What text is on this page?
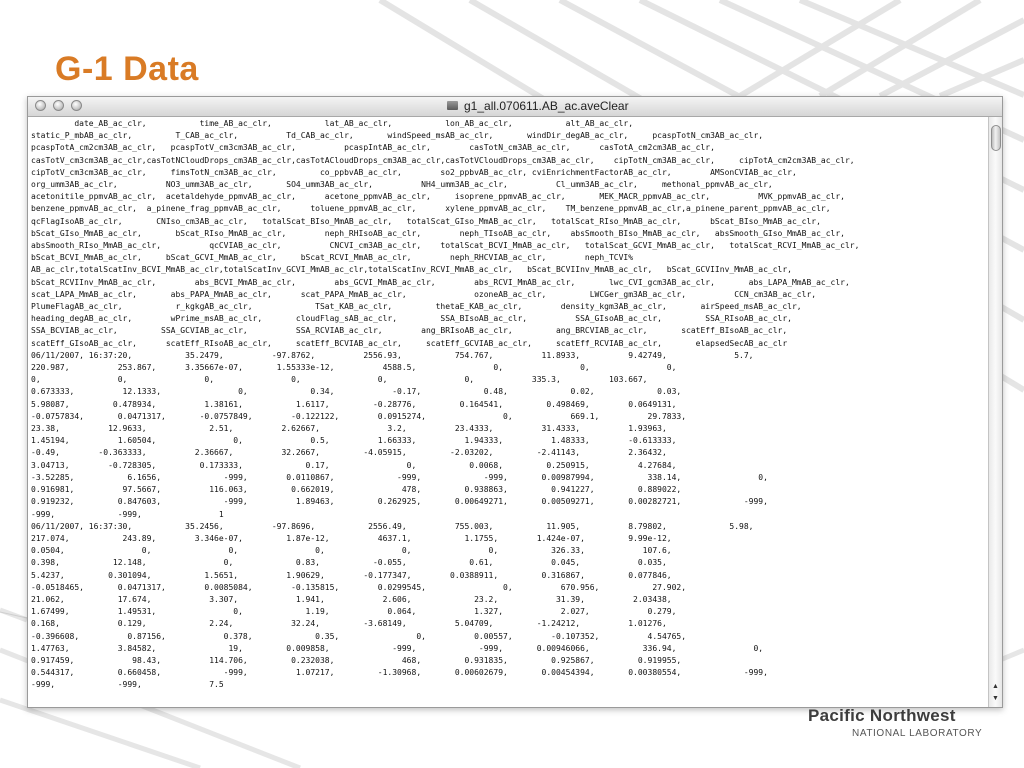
G-1 Data
g1_all.070611.AB_ac.aveClear
date_AB_ac_clr,           time_AB_ac_clr,           lat_AB_ac_clr,           lon_AB_ac_clr,           alt_AB_ac_clr,
static_P_mbAB_ac_clr,         T_CAB_ac_clr,          Td_CAB_ac_clr,       windSpeed_msAB_ac_clr,       windDir_degAB_ac_clr,     pcaspTotN_cm3AB_ac_clr,
pcaspTotA_cm2cm3AB_ac_clr,   pcaspTotV_cm3cm3AB_ac_clr,          pcaspIntAB_ac_clr,        casTotN_cm3AB_ac_clr,      casTotA_cm2cm3AB_ac_clr,
casTotV_cm3cm3AB_ac_clr,casTotNCloudDrops_cm3AB_ac_clr,casTotACloudDrops_cm3AB_ac_clr,casTotVCloudDrops_cm3AB_ac_clr,    cipTotN_cm3AB_ac_clr,     cipTotA_cm2cm3AB_ac_clr,
cipTotV_cm3cm3AB_ac_clr,     fimsTotN_cm3AB_ac_clr,         co_ppbvAB_ac_clr,        so2_ppbvAB_ac_clr, cviEnrichmentFactorAB_ac_clr,        AMSonCVIAB_ac_clr,
org_umm3AB_ac_clr,          NO3_umm3AB_ac_clr,       SO4_umm3AB_ac_clr,          NH4_umm3AB_ac_clr,          Cl_umm3AB_ac_clr,     methonal_ppmvAB_ac_clr,
acetonitile_ppmvAB_ac_clr,  acetaldehyde_ppmvAB_ac_clr,      acetone_ppmvAB_ac_clr,     isoprene_ppmvAB_ac_clr,       MEK_MACR_ppmvAB_ac_clr,          MVK_ppmvAB_ac_clr,
benzene_ppmvAB_ac_clr,  a_pinene_frag_ppmvAB_ac_clr,      toluene_ppmvAB_ac_clr,      xylene_ppmvAB_ac_clr,    TM_benzene_ppmvAB_ac_clr,a_pinene_parent_ppmvAB_ac_clr,
qcFlagIsoAB_ac_clr,       CNIso_cm3AB_ac_clr,   totalScat_BIso_MmAB_ac_clr,   totalScat_GIso_MmAB_ac_clr,   totalScat_RIso_MmAB_ac_clr,      bScat_BIso_MmAB_ac_clr,
bScat_GIso_MmAB_ac_clr,       bScat_RIso_MmAB_ac_clr,        neph_RHIsoAB_ac_clr,        neph_TIsoAB_ac_clr,    absSmooth_BIso_MmAB_ac_clr,   absSmooth_GIso_MmAB_ac_clr,
absSmooth_RIso_MmAB_ac_clr,          qcCVIAB_ac_clr,          CNCVI_cm3AB_ac_clr,    totalScat_BCVI_MmAB_ac_clr,   totalScat_GCVI_MmAB_ac_clr,   totalScat_RCVI_MmAB_ac_clr,
bScat_BCVI_MmAB_ac_clr,     bScat_GCVI_MmAB_ac_clr,     bScat_RCVI_MmAB_ac_clr,        neph_RHCVIAB_ac_clr,        neph_TCVI%
AB_ac_clr,totalScatInv_BCVI_MmAB_ac_clr,totalScatInv_GCVI_MmAB_ac_clr,totalScatInv_RCVI_MmAB_ac_clr,   bScat_BCVIInv_MmAB_ac_clr,   bScat_GCVIInv_MmAB_ac_clr,
bScat_RCVIInv_MmAB_ac_clr,        abs_BCVI_MmAB_ac_clr,        abs_GCVI_MmAB_ac_clr,        abs_RCVI_MmAB_ac_clr,       lwc_CVI_gcm3AB_ac_clr,       abs_LAPA_MmAB_ac_clr,
scat_LAPA_MmAB_ac_clr,       abs_PAPA_MmAB_ac_clr,      scat_PAPA_MmAB_ac_clr,              ozoneAB_ac_clr,         LWCGer_gm3AB_ac_clr,          CCN_cm3AB_ac_clr,
PlumeFlagAB_ac_clr,           r_kgkgAB_ac_clr,             TSat_KAB_ac_clr,         thetaE_KAB_ac_clr,        density_kgm3AB_ac_clr,       airSpeed_msAB_ac_clr,
heading_degAB_ac_clr,        wPrime_msAB_ac_clr,       cloudFlag_sAB_ac_clr,         SSA_BIsoAB_ac_clr,          SSA_GIsoAB_ac_clr,         SSA_RIsoAB_ac_clr,
SSA_BCVIAB_ac_clr,         SSA_GCVIAB_ac_clr,          SSA_RCVIAB_ac_clr,        ang_BRIsoAB_ac_clr,         ang_BRCVIAB_ac_clr,       scatEff_BIsoAB_ac_clr,
scatEff_GIsoAB_ac_clr,      scatEff_RIsoAB_ac_clr,     scatEff_BCVIAB_ac_clr,     scatEff_GCVIAB_ac_clr,     scatEff_RCVIAB_ac_clr,       elapsedSecAB_ac_clr
06/11/2007, 16:37:20,           35.2479,          -97.8762,          2556.93,           754.767,          11.8933,          9.42749,              5.7,
220.987,          253.867,      3.35667e-07,       1.55333e-12,          4588.5,                0,                0,                0,
0,                0,                0,                0,                0,                0,            335.3,          103.667,
0.673333,          12.1333,                0,             0.34,            -0.17,             0.48,             0.02,             0.03,
5.98087,         0.478934,          1.38161,           1.6117,         -0.28776,         0.164541,         0.498469,        0.0649131,
-0.0757834,       0.0471317,       -0.0757849,        -0.122122,        0.0915274,                0,            669.1,          29.7833,
23.38,          12.9633,             2.51,          2.62667,              3.2,          23.4333,          31.4333,          1.93963,
1.45194,          1.60504,                0,              0.5,          1.66333,          1.94333,          1.48333,        -0.613333,
-0.49,        -0.363333,          2.36667,          32.2667,         -4.05915,         -2.03202,         -2.41143,          2.36432,
3.04713,        -0.728305,         0.173333,             0.17,                0,           0.0068,         0.250915,          4.27684,
-3.52285,           6.1656,             -999,        0.0110867,             -999,             -999,       0.00987994,           338.14,                0,
0.916981,          97.5667,          116.063,         0.662019,              478,         0.938863,         0.941227,         0.889022,
0.919232,         0.847603,             -999,          1.89463,         0.262925,       0.00649271,       0.00509271,       0.00282721,             -999,
-999,             -999,                1
06/11/2007, 16:37:30,           35.2456,          -97.8696,           2556.49,          755.003,           11.905,          8.79802,             5.98,
217.074,           243.89,        3.346e-07,         1.87e-12,          4637.1,           1.1755,        1.424e-07,         9.99e-12,
0.0504,                0,                0,                0,                0,                0,           326.33,            107.6,
0.398,           12.148,                0,             0.83,           -0.055,             0.61,            0.045,            0.035,
5.4237,         0.301094,           1.5651,          1.90629,        -0.177347,        0.0388911,         0.316867,         0.077846,
-0.0518465,       0.0471317,        0.0085084,        -0.135815,        0.0299545,                0,          670.956,           27.902,
21.062,           17.674,            3.307,            1.941,            2.606,             23.2,            31.39,          2.03438,
1.67499,          1.49531,                0,             1.19,            0.064,            1.327,            2.027,            0.279,
0.168,            0.129,             2.24,            32.24,         -3.68149,          5.04709,         -1.24212,          1.01276,
-0.396608,          0.87156,            0.378,             0.35,                0,          0.00557,        -0.107352,          4.54765,
1.47763,          3.84582,               19,         0.009858,             -999,             -999,       0.00946066,           336.94,                0,
0.917459,            98.43,          114.706,         0.232038,              468,         0.931835,         0.925867,         0.919955,
0.544317,         0.660458,             -999,          1.07217,         -1.30968,       0.00602679,       0.00454394,       0.00380554,             -999,
-999,             -999,              7.5	▲
▼
Pacific Northwest
NATIONAL LABORATORY
